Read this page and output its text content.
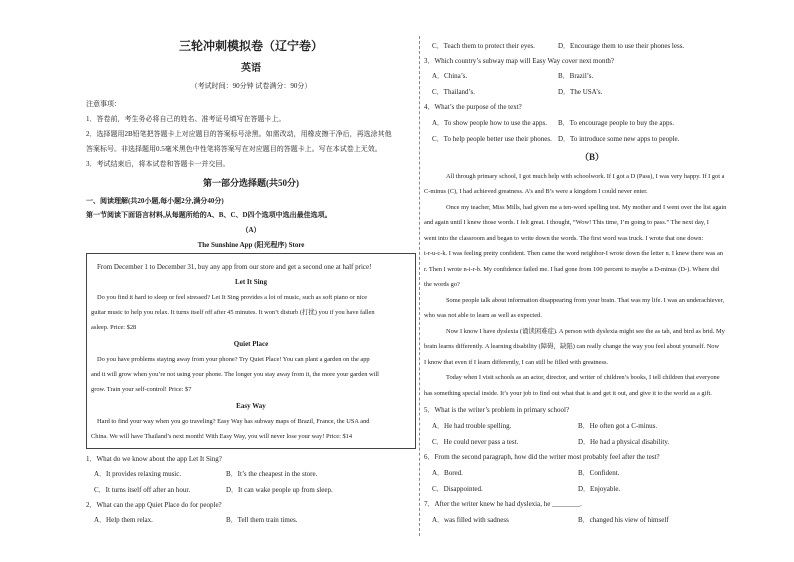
三轮冲刺模拟卷（辽宁卷）
英语
（考试时间：90分钟 试卷满分：90分）
注意事项：
1．答卷前，考生务必将自己的姓名、准考证号填写在答题卡上。
2．选择题用2B铅笔把答题卡上对应题目的答案标号涂黑。如需改动，用橡皮擦干净后，再选涂其他
答案标号。非选择题用0.5毫米黑色中性笔将答案写在对应题目的答题卡上。写在本试卷上无效。
3．考试结束后，将本试卷和答题卡一并交回。
第一部分选择题(共50分)
一、阅读理解(共20小题,每小题2分,满分40分)
第一节阅读下面语言材料,从每题所给的A、B、C、D四个选项中选出最佳选项。
（A）
The Sunshine App (阳光程序) Store
From December 1 to December 31, buy any app from our store and get a second one at half price!
Let It Sing
Do you find it hard to sleep or feel stressed? Let It Sing provides a lot of music, such as soft piano or nice
guitar music to help you relax. It turns itself off after 45 minutes. It won’t disturb (打扰) you if you have fallen
asleep. Price: $28
Quiet Place
Do you have problems staying away from your phone? Try Quiet Place! You can plant a garden on the app
and it will grow when you’re not using your phone. The longer you stay away from it, the more your garden will
grow. Train your self-control! Price: $7
Easy Way
Hard to find your way when you go traveling? Easy Way has subway maps of Brazil, France, the USA and
China. We will have Thailand’s next month! With Easy Way, you will never lose your way! Price: $14
1．What do we know about the app Let It Sing?
A．It provides relaxing music.	B．It’s the cheapest in the store.
C．It turns itself off after an hour.	D．It can wake people up from sleep.
2．What can the app Quiet Place do for people?
A．Help them relax.	B．Tell them train times.
C．Teach them to protect their eyes.	D．Encourage them to use their phones less.
3．Which country’s subway map will Easy Way cover next month?
A．China’s.	B．Brazil’s.
C．Thailand’s.	D．The USA’s.
4．What’s the purpose of the text?
A．To show people how to use the apps. B．To encourage people to buy the apps.
C．To help people better use their phones. D．To introduce some new apps to people.
（B）
All through primary school, I got much help with schoolwork. If I got a D (Pass), I was very happy. If I got a
C-minus (C), I had achieved greatness. A’s and B’s were a kingdom I could never enter.
Once my teacher, Miss Mills, had given me a ten-word spelling test. My mother and I went over the list again
and again until I knew those words. I felt great. I thought, “Wow! This time, I’m going to pass.” The next day, I
went into the classroom and began to write down the words. The first word was truck. I wrote that one down:
t-r-u-c-k. I was feeling pretty confident. Then came the word neighbor-I wrote down the letter n. I knew there was an
r. Then I wrote n-i-r-b. My confidence failed me. I had gone from 100 percent to maybe a D-minus (D-). Where did
the words go?
Some people talk about information disappearing from your brain. That was my life. I was an underachiever,
who was not able to learn as well as expected.
Now I know I have dyslexia (诵读困难症). A person with dyslexia might see the as tah, and bird as brid. My
brain learns differently. A learning disability (障碍，缺陷) can really change the way you feel about yourself. Now
I know that even if I learn differently, I can still be filled with greatness.
Today when I visit schools as an actor, director, and writer of children’s books, I tell children that everyone
has something special inside. It’s your job to find out what that is and get it out, and give it to the world as a gift.
5．What is the writer’s problem in primary school?
A．He had trouble spelling.	B．He often got a C-minus.
C．He could never pass a test.	D．He had a physical disability.
6．From the second paragraph, how did the writer most probably feel after the test?
A．Bored.	B．Confident.
C．Disappointed.	D．Enjoyable.
7．After the writer knew he had dyslexia, he ________.
A．was filled with sadness	B．changed his view of himself
